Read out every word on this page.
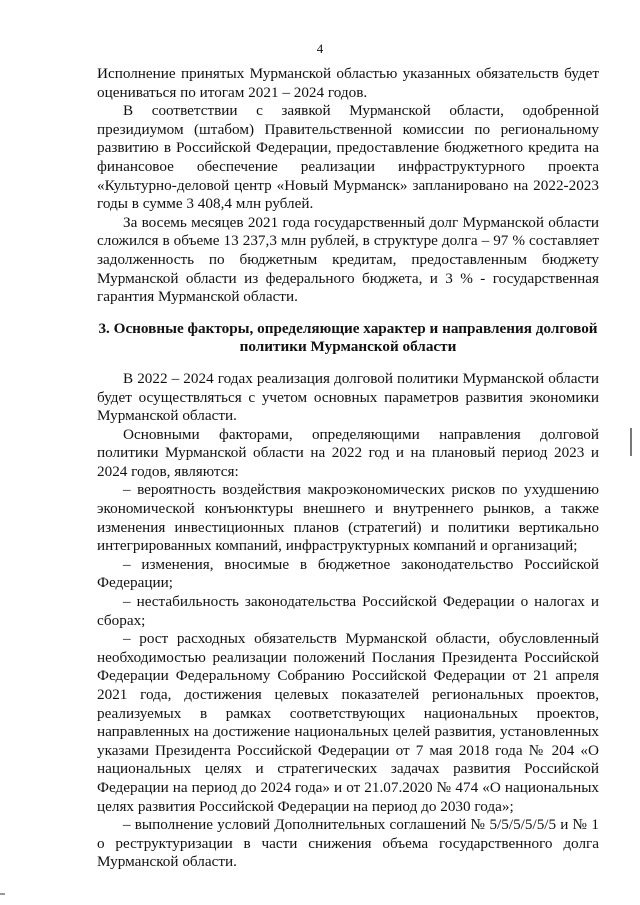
4

Исполнение принятых Мурманской областью указанных обязательств будет оцениваться по итогам 2021 – 2024 годов.

В соответствии с заявкой Мурманской области, одобренной президиумом (штабом) Правительственной комиссии по региональному развитию в Российской Федерации, предоставление бюджетного кредита на финансовое обеспечение реализации инфраструктурного проекта «Культурно-деловой центр «Новый Мурманск» запланировано на 2022-2023 годы в сумме 3 408,4 млн рублей.

За восемь месяцев 2021 года государственный долг Мурманской области сложился в объеме 13 237,3 млн рублей, в структуре долга – 97 % составляет задолженность по бюджетным кредитам, предоставленным бюджету Мурманской области из федерального бюджета, и 3 % - государственная гарантия Мурманской области.

3. Основные факторы, определяющие характер и направления долговой политики Мурманской области

В 2022 – 2024 годах реализация долговой политики Мурманской области будет осуществляться с учетом основных параметров развития экономики Мурманской области.

Основными факторами, определяющими направления долговой политики Мурманской области на 2022 год и на плановый период 2023 и 2024 годов, являются:

– вероятность воздействия макроэкономических рисков по ухудшению экономической конъюнктуры внешнего и внутреннего рынков, а также изменения инвестиционных планов (стратегий) и политики вертикально интегрированных компаний, инфраструктурных компаний и организаций;

– изменения, вносимые в бюджетное законодательство Российской Федерации;

– нестабильность законодательства Российской Федерации о налогах и сборах;

– рост расходных обязательств Мурманской области, обусловленный необходимостью реализации положений Послания Президента Российской Федерации Федеральному Собранию Российской Федерации от 21 апреля 2021 года, достижения целевых показателей региональных проектов, реализуемых в рамках соответствующих национальных проектов, направленных на достижение национальных целей развития, установленных указами Президента Российской Федерации от 7 мая 2018 года № 204 «О национальных целях и стратегических задачах развития Российской Федерации на период до 2024 года» и от 21.07.2020 № 474 «О национальных целях развития Российской Федерации на период до 2030 года»;

– выполнение условий Дополнительных соглашений № 5/5/5/5/5/5 и № 1 о реструктуризации в части снижения объема государственного долга Мурманской области.
